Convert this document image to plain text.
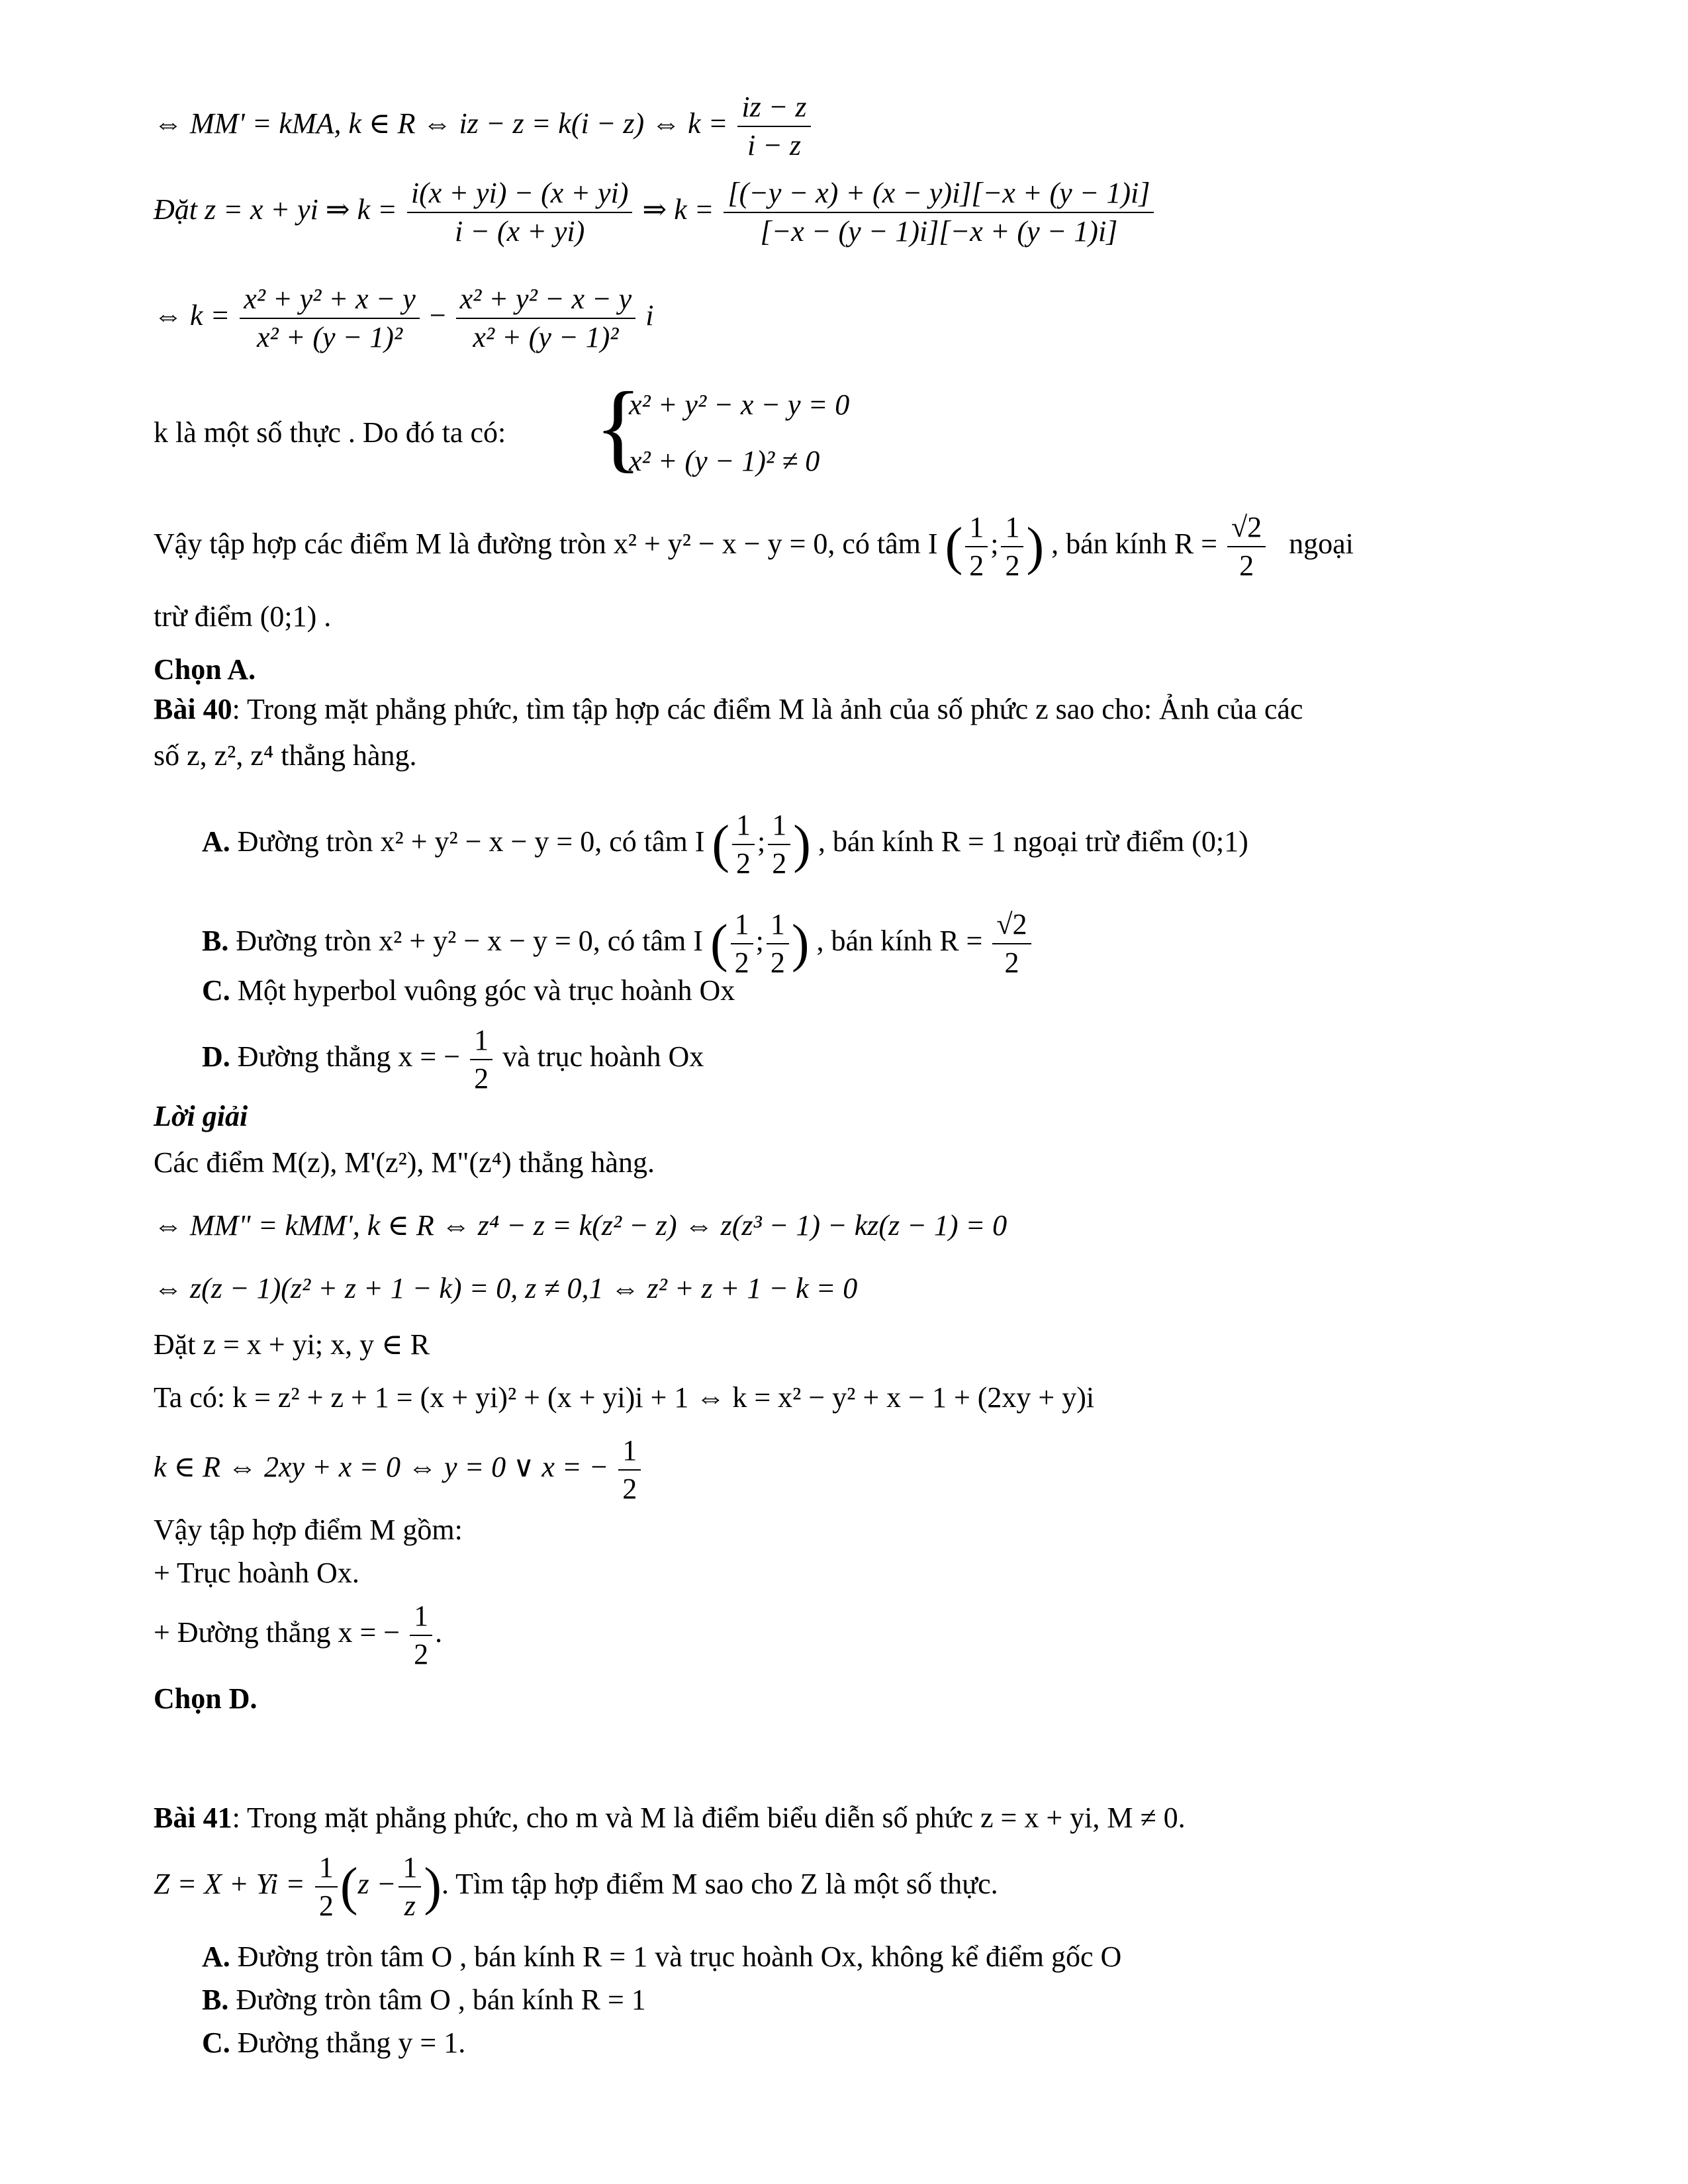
⇔ MM' = kMA, k ∈ R ⇔ iz − z = k(i − z) ⇔ $k = \frac{iz - z}{i - z}$
Đặt z = x + yi ⇒ $k = \frac{i(x + yi) - (x + yi)}{i - (x + yi)}$ ⇒ $k = \frac{[(-y - x) + (x - y)i][-x + (y - 1)i]}{[-x - (y - 1)i][-x + (y - 1)i]}$
⇔ $k = \frac{\text{x² + y² + x − y}}{\text{x² + (y − 1)²}} - \frac{\text{x² + y² − x − y}}{\text{x² + (y − 1)²}}$ i
k là một số thực . Do đó ta có: {
x² + y² − x − y = 0
x² + (y − 1)² ≠ 0
Vậy tập hợp các điểm M là đường tròn x² + y² − x − y = 0, có tâm I ( $\frac{1}{2}$ ; $\frac{1}{2}$ ) , bán kính $R = \frac{√2}{2}$ ngoại
trừ điểm (0;1) .
Chọn A.
Bài 40: Trong mặt phẳng phức, tìm tập hợp các điểm M là ảnh của số phức z sao cho: Ảnh của các
số z, z², z⁴ thẳng hàng.
A. Đường tròn x² + y² − x − y = 0, có tâm I ( $\frac{1}{2}$ ; $\frac{1}{2}$ ) , bán kính R = 1 ngoại trừ điểm (0;1)
B. Đường tròn x² + y² − x − y = 0, có tâm I ( $\frac{1}{2}$ ; $\frac{1}{2}$ ) , bán kính $R = \frac{√2}{2}$
C. Một hyperbol vuông góc và trục hoành Ox
D. Đường thẳng x = − $\frac{1}{2}$ và trục hoành Ox
Lời giải
Các điểm M(z), M'(z²), M"(z⁴) thẳng hàng.
⇔ MM" = kMM', k ∈ R ⇔ z⁴ − z = k(z² − z) ⇔ z(z³ − 1) − kz(z − 1) = 0
⇔ z(z − 1)(z² + z + 1 − k) = 0, z ≠ 0,1 ⇔ z² + z + 1 − k = 0
Đặt z = x + yi; x, y ∈ R
Ta có: k = z² + z + 1 = (x + yi)² + (x + yi)i + 1 ⇔ k = x² − y² + x − 1 + (2xy + y)i
k ∈ R ⇔ 2xy + x = 0 ⇔ y = 0 ∨ x = − $\frac{1}{2}$
Vậy tập hợp điểm M gồm:
+ Trục hoành Ox.
+ Đường thẳng x = − $\frac{1}{2}$ .
Chọn D.
Bài 41: Trong mặt phẳng phức, cho m và M là điểm biểu diễn số phức z = x + yi, M ≠ 0.
$Z = X + Yi = \frac{1}{2} (z - \frac{1}{z}$ ). Tìm tập hợp điểm M sao cho Z là một số thực.
A. Đường tròn tâm O , bán kính R = 1 và trục hoành Ox, không kể điểm gốc O
B. Đường tròn tâm O , bán kính R = 1
C. Đường thẳng y = 1.
